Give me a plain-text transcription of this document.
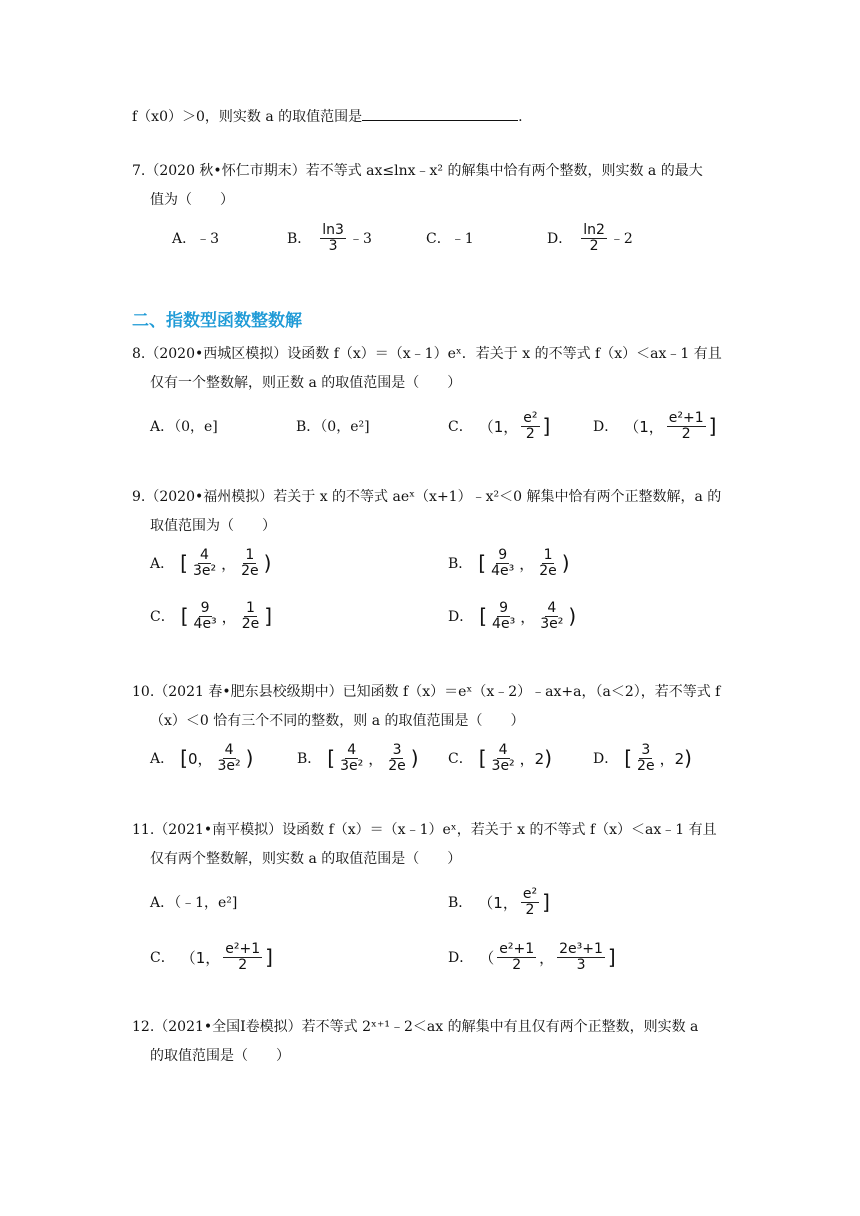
f（x0）＞0，则实数 a 的取值范围是	.
7.（2020 秋•怀仁市期末）若不等式 ax≤lnx﹣x² 的解集中恰有两个整数，则实数 a 的最大
值为（　　）
A．﹣3	B． $\frac{\ln 3}{3}$ ﹣3	C．﹣1	D． $\frac{\ln 2}{2}$ ﹣2
二、指数型函数整数解
8.（2020•西城区模拟）设函数 f（x）＝（x﹣1）eˣ．若关于 x 的不等式 f（x）＜ax﹣1 有且
仅有一个整数解，则正数 a 的取值范围是（　　）
A．（0，e]	B．（0，e²]	C． （1， $\frac{\text{e²}}{2}$ ]	D． （1， $\frac{\text{e²+1}}{2}$ ]
9.（2020•福州模拟）若关于 x 的不等式 aeˣ（x+1）﹣x²＜0 解集中恰有两个正整数解，a 的
取值范围为（　　）
A． [ $\frac{4}{\text{3e²}}$ ， $\frac{1}{2e}$ )	B． [ $\frac{9}{\text{4e³}}$ ， $\frac{1}{2e}$ )
C． [ $\frac{9}{\text{4e³}}$ ， $\frac{1}{2e}$ ]	D． [ $\frac{9}{\text{4e³}}$ ， $\frac{4}{\text{3e²}}$ )
10.（2021 春•肥东县校级期中）已知函数 f（x）＝eˣ（x﹣2）﹣ax+a，（a＜2），若不等式 f
（x）＜0 恰有三个不同的整数，则 a 的取值范围是（　　）
A． [ 0， $\frac{4}{\text{3e²}}$ )	B． [ $\frac{4}{\text{3e²}}$ ， $\frac{3}{2e}$ ) C． [ $\frac{4}{\text{3e²}}$ ，2 )	D． [ $\frac{3}{2e}$ ，2 )
11.（2021•南平模拟）设函数 f（x）＝（x﹣1）eˣ，若关于 x 的不等式 f（x）＜ax﹣1 有且
仅有两个整数解，则实数 a 的取值范围是（　　）
A．（﹣1，e²]	B． （1， $\frac{\text{e²}}{2}$ ]
C． （1， $\frac{\text{e²+1}}{2}$ ]	D． （ $\frac{\text{e²+1}}{2}$ ， $\frac{\text{2e³+1}}{3}$ ]
12.（2021•全国Ⅰ卷模拟）若不等式 2ˣ⁺¹﹣2＜ax 的解集中有且仅有两个正整数，则实数 a
的取值范围是（　　）
